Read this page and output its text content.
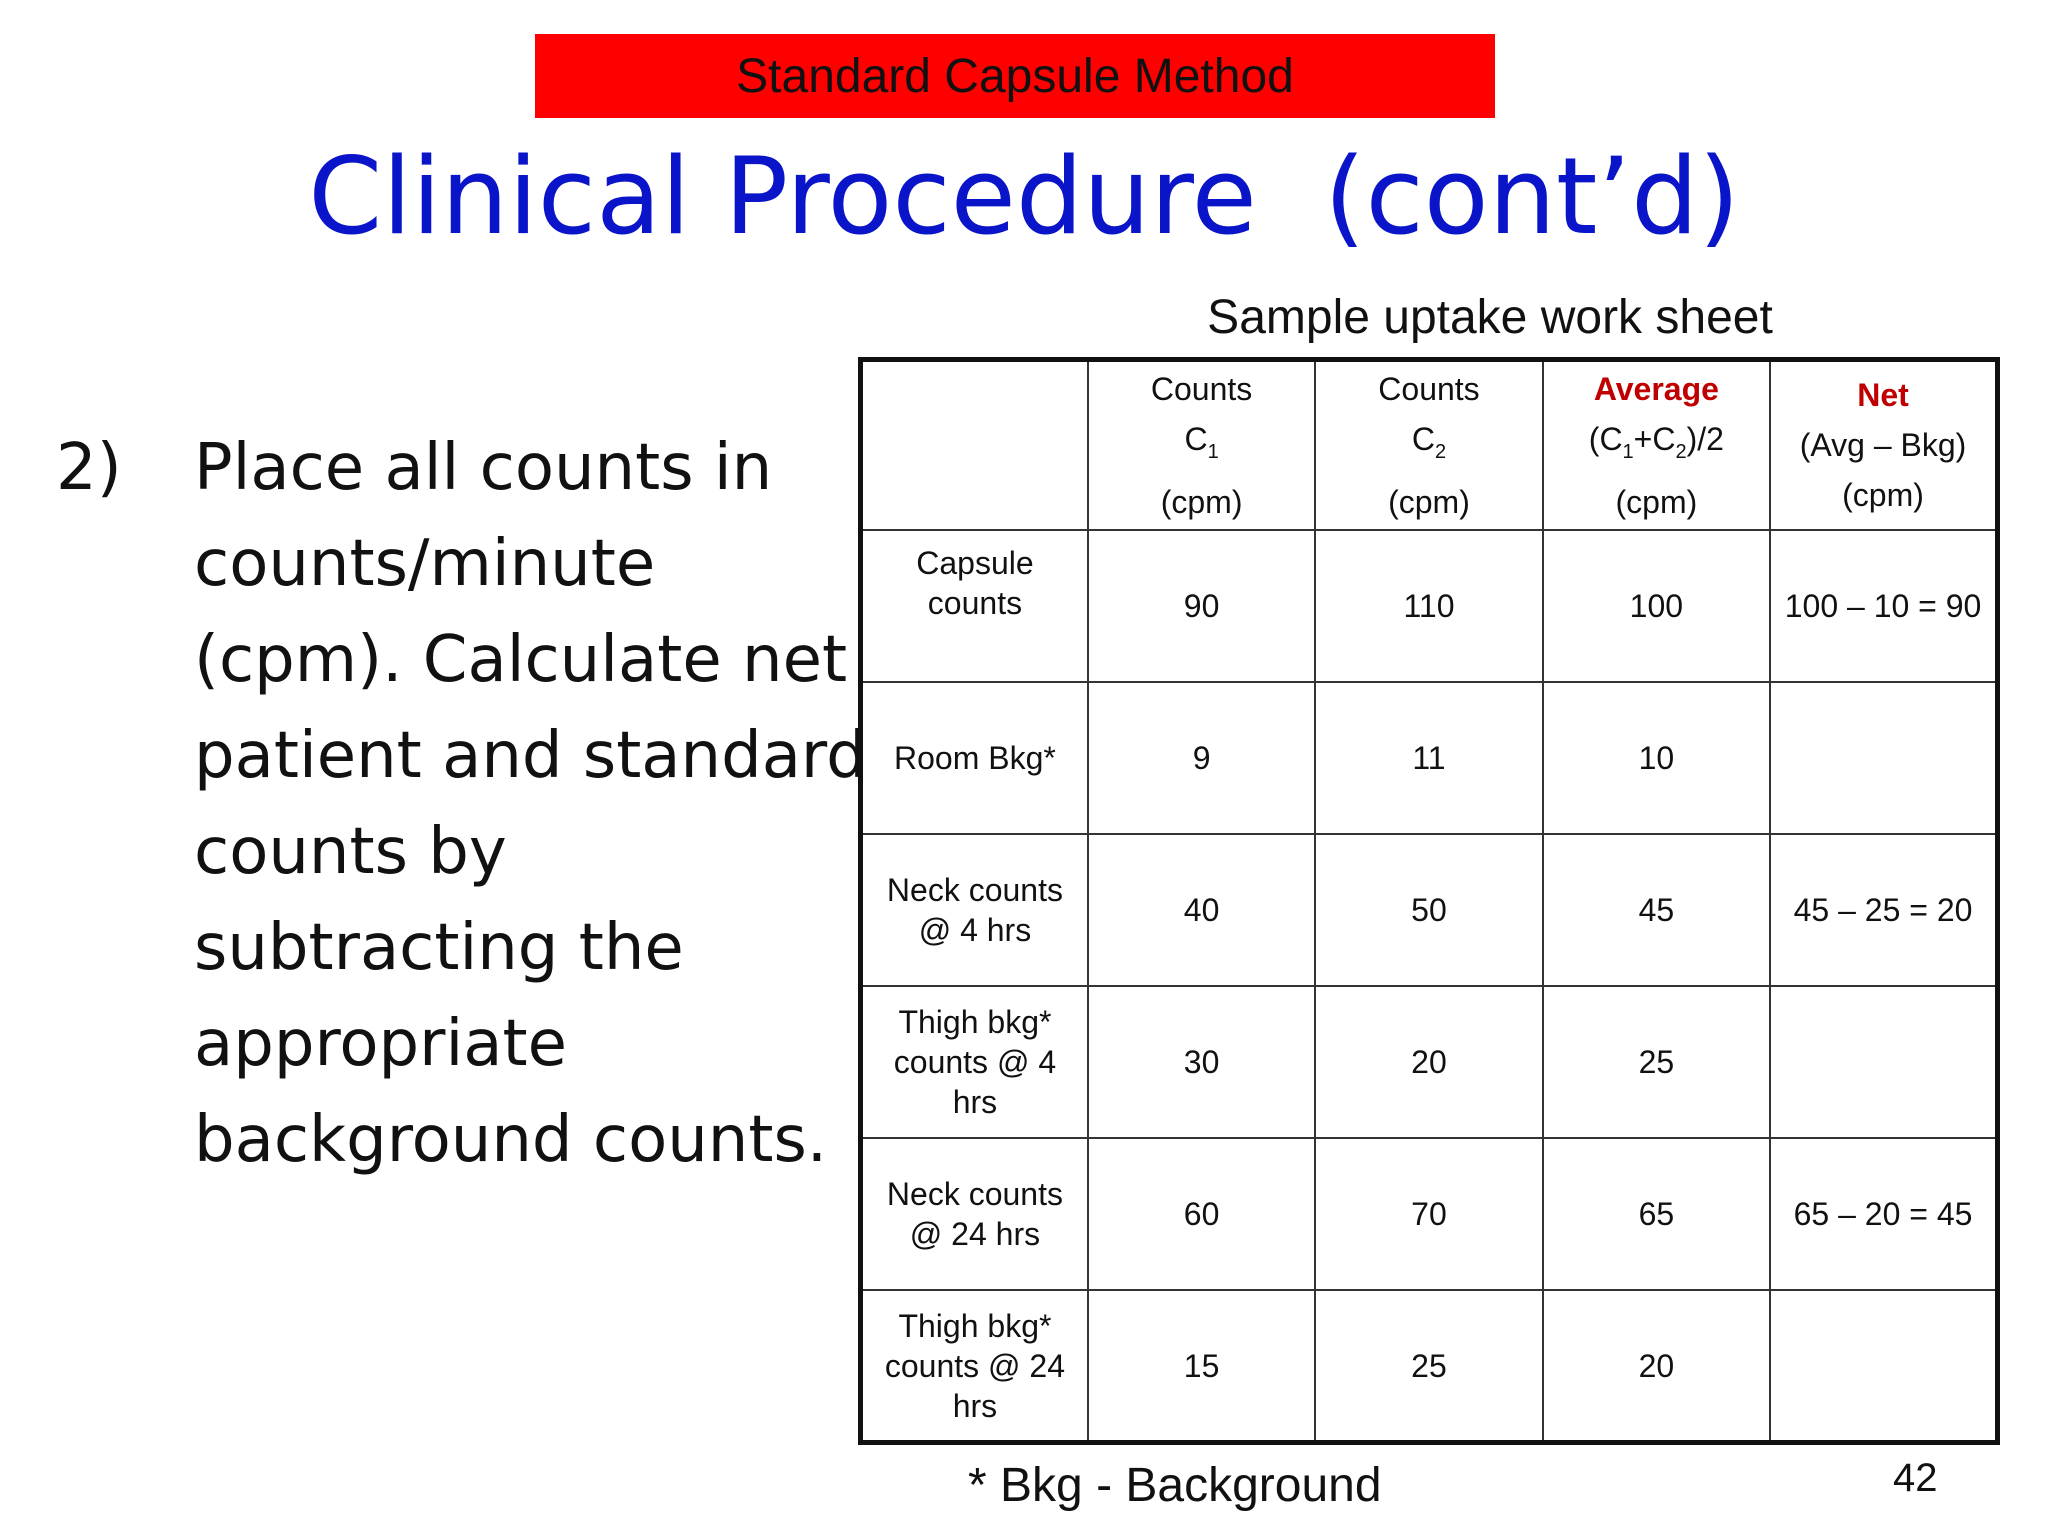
Standard Capsule Method
Clinical Procedure  (cont’d)
2) Place all counts in counts/minute (cpm). Calculate net patient and standard counts by subtracting the appropriate background counts.
Sample uptake work sheet

	Counts
$C_1$
(cpm)	Counts
$C_2$
(cpm)	Average
$(C_1+C_2)/2$
(cpm)	Net
(Avg – Bkg)
(cpm)

Capsule counts	90	110	100	100 – 10 = 90
Room Bkg*	9	11	10	
Neck counts @ 4 hrs	40	50	45	45 – 25 = 20
Thigh bkg* counts @ 4 hrs	30	20	25	
Neck counts @ 24 hrs	60	70	65	65 – 20 = 45
Thigh bkg* counts @ 24 hrs	15	25	20	
* Bkg - Background	42
